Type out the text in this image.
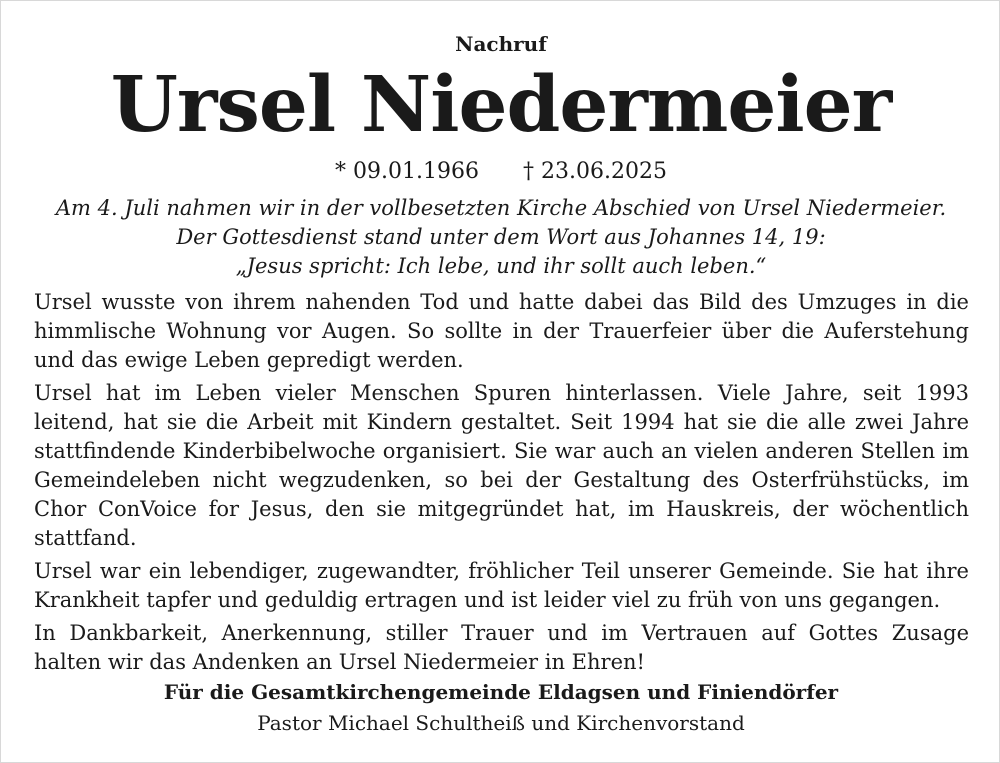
Nachruf
Ursel Niedermeier
* 09.01.1966 † 23.06.2025
Am 4. Juli nahmen wir in der vollbesetzten Kirche Abschied von Ursel Niedermeier.
Der Gottesdienst stand unter dem Wort aus Johannes 14, 19:
„Jesus spricht: Ich lebe, und ihr sollt auch leben.“

Ursel wusste von ihrem nahenden Tod und hatte dabei das Bild des Umzuges in die himmlische Wohnung vor Augen. So sollte in der Trauerfeier über die Auferstehung und das ewige Leben gepredigt werden.

Ursel hat im Leben vieler Menschen Spuren hinterlassen. Viele Jahre, seit 1993 leitend, hat sie die Arbeit mit Kindern gestaltet. Seit 1994 hat sie die alle zwei Jahre stattfindende Kinderbibelwoche organisiert. Sie war auch an vielen anderen Stellen im Gemeindeleben nicht wegzudenken, so bei der Gestaltung des Osterfrühstücks, im Chor ConVoice for Jesus, den sie mitgegründet hat, im Hauskreis, der wöchentlich stattfand.

Ursel war ein lebendiger, zugewandter, fröhlicher Teil unserer Gemeinde. Sie hat ihre Krankheit tapfer und geduldig ertragen und ist leider viel zu früh von uns gegangen.

In Dankbarkeit, Anerkennung, stiller Trauer und im Vertrauen auf Gottes Zusage halten wir das Andenken an Ursel Niedermeier in Ehren!

Für die Gesamtkirchengemeinde Eldagsen und Finiendörfer
Pastor Michael Schultheiß und Kirchenvorstand
